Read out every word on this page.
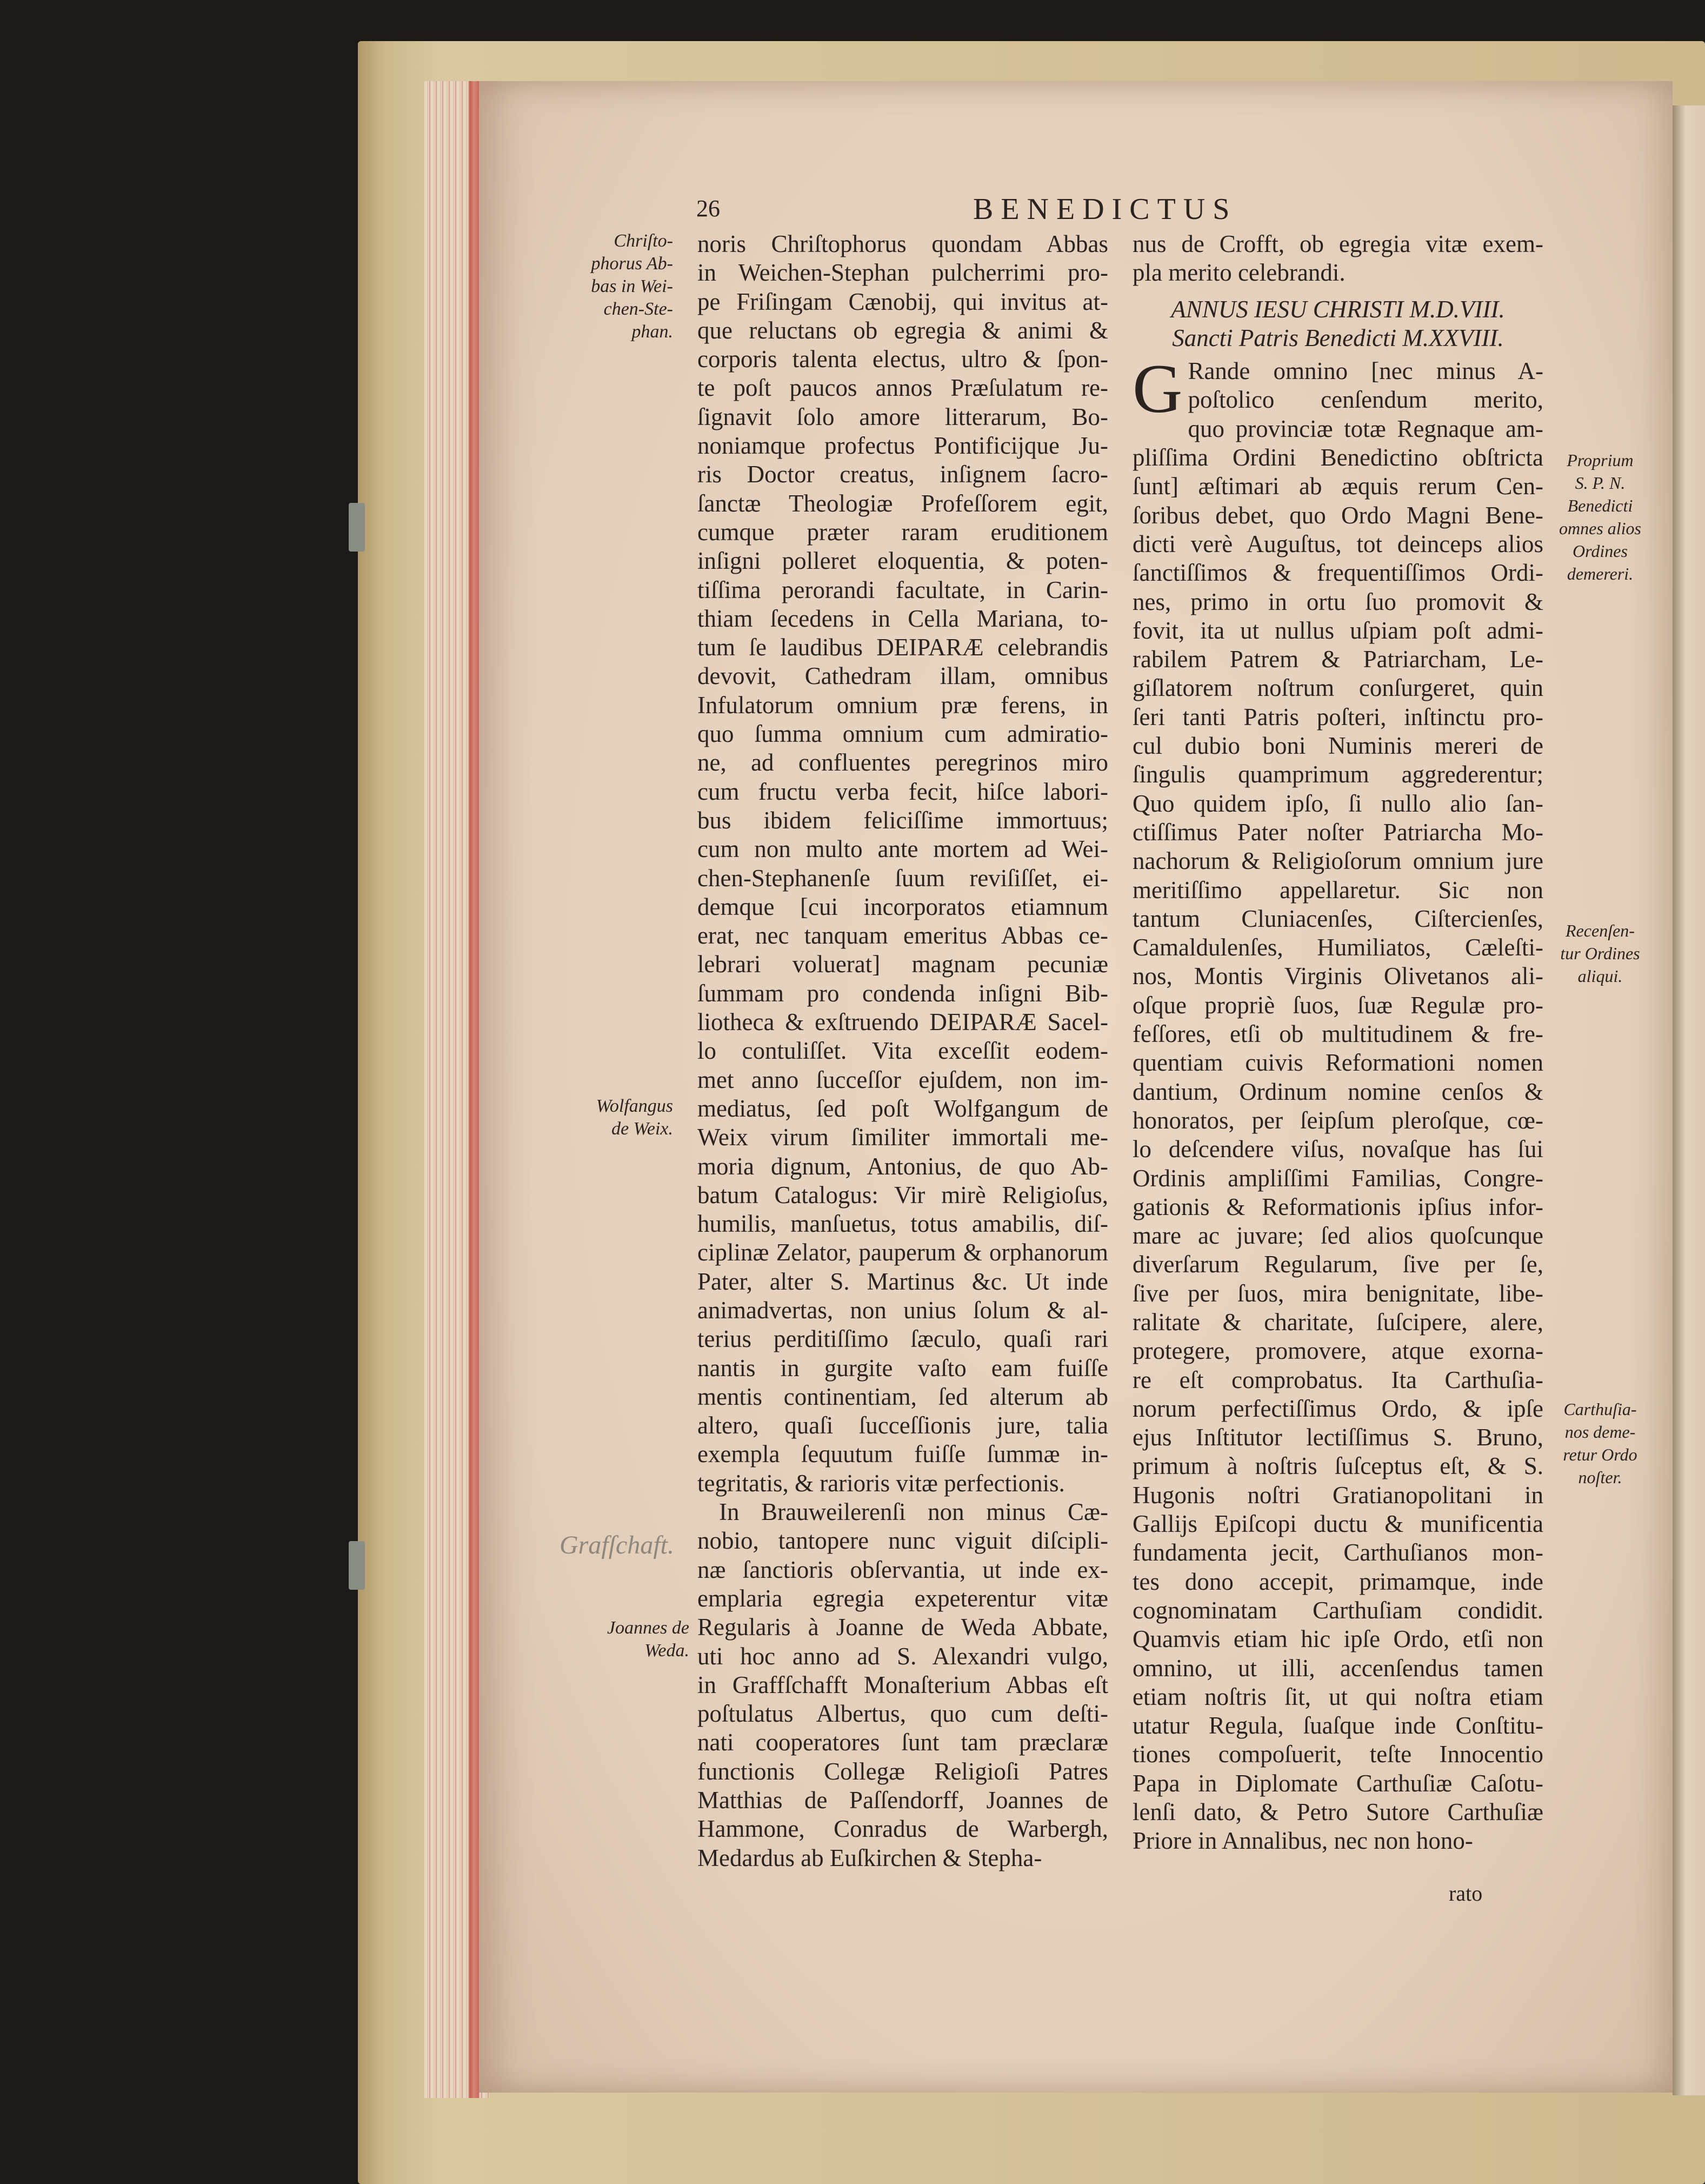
26	BENEDICTUS
noris Chriſtophorus quondam Abbas
in Weichen-Stephan pulcherrimi pro-
pe Friſingam Cænobij, qui invitus at-
que reluctans ob egregia & animi &
corporis talenta electus, ultro & ſpon-
te poſt paucos annos Præſulatum re-
ſignavit ſolo amore litterarum, Bo-
noniamque profectus Pontificijque Ju-
ris Doctor creatus, inſignem ſacro-
ſanctæ Theologiæ Profeſſorem egit,
cumque præter raram eruditionem
inſigni polleret eloquentia, & poten-
tiſſima perorandi facultate, in Carin-
thiam ſecedens in Cella Mariana, to-
tum ſe laudibus DEIPARÆ celebrandis
devovit, Cathedram illam, omnibus
Infulatorum omnium præ ferens, in
quo ſumma omnium cum admiratio-
ne, ad confluentes peregrinos miro
cum fructu verba fecit, hiſce labori-
bus ibidem feliciſſime immortuus;
cum non multo ante mortem ad Wei-
chen-Stephanenſe ſuum reviſiſſet, ei-
demque [cui incorporatos etiamnum
erat, nec tanquam emeritus Abbas ce-
lebrari voluerat] magnam pecuniæ
ſummam pro condenda inſigni Bib-
liotheca & exſtruendo DEIPARÆ Sacel-
lo contuliſſet. Vita exceſſit eodem-
met anno ſucceſſor ejuſdem, non im-
mediatus, ſed poſt Wolfgangum de
Weix virum ſimiliter immortali me-
moria dignum, Antonius, de quo Ab-
batum Catalogus: Vir mirè Religioſus,
humilis, manſuetus, totus amabilis, diſ-
ciplinæ Zelator, pauperum & orphanorum
Pater, alter S. Martinus &c. Ut inde
animadvertas, non unius ſolum & al-
terius perditiſſimo ſæculo, quaſi rari
nantis in gurgite vaſto eam fuiſſe
mentis continentiam, ſed alterum ab
altero, quaſi ſucceſſionis jure, talia
exempla ſequutum fuiſſe ſummæ in-
tegritatis, & rarioris vitæ perfectionis.
In Brauweilerenſi non minus Cæ-
nobio, tantopere nunc viguit diſcipli-
næ ſanctioris obſervantia, ut inde ex-
emplaria egregia expeterentur vitæ
Regularis à Joanne de Weda Abbate,
uti hoc anno ad S. Alexandri vulgo,
in Graffſchafft Monaſterium Abbas eſt
poſtulatus Albertus, quo cum deſti-
nati cooperatores ſunt tam præclaræ
functionis Collegæ Religioſi Patres
Matthias de Paſſendorff, Joannes de
Hammone, Conradus de Warbergh,
Medardus ab Euſkirchen & Stepha-
nus de Crofft, ob egregia vitæ exem-
pla merito celebrandi.
ANNUS IESU CHRISTI M.D.VIII.
Sancti Patris Benedicti M.XXVIII.
G Rande omnino [nec minus A-
poſtolico cenſendum merito,
quo provinciæ totæ Regnaque am-
pliſſima Ordini Benedictino obſtricta
ſunt] æſtimari ab æquis rerum Cen-
ſoribus debet, quo Ordo Magni Bene-
dicti verè Auguſtus, tot deinceps alios
ſanctiſſimos & frequentiſſimos Ordi-
nes, primo in ortu ſuo promovit &
fovit, ita ut nullus uſpiam poſt admi-
rabilem Patrem & Patriarcham, Le-
giſlatorem noſtrum conſurgeret, quin
ſeri tanti Patris poſteri, inſtinctu pro-
cul dubio boni Numinis mereri de
ſingulis quamprimum aggrederentur;
Quo quidem ipſo, ſi nullo alio ſan-
ctiſſimus Pater noſter Patriarcha Mo-
nachorum & Religioſorum omnium jure
meritiſſimo appellaretur. Sic non
tantum Cluniacenſes, Ciſtercienſes,
Camaldulenſes, Humiliatos, Cæleſti-
nos, Montis Virginis Olivetanos ali-
oſque propriè ſuos, ſuæ Regulæ pro-
feſſores, etſi ob multitudinem & fre-
quentiam cuivis Reformationi nomen
dantium, Ordinum nomine cenſos &
honoratos, per ſeipſum pleroſque, cœ-
lo deſcendere viſus, novaſque has ſui
Ordinis ampliſſimi Familias, Congre-
gationis & Reformationis ipſius infor-
mare ac juvare; ſed alios quoſcunque
diverſarum Regularum, ſive per ſe,
ſive per ſuos, mira benignitate, libe-
ralitate & charitate, ſuſcipere, alere,
protegere, promovere, atque exorna-
re eſt comprobatus. Ita Carthuſia-
norum perfectiſſimus Ordo, & ipſe
ejus Inſtitutor lectiſſimus S. Bruno,
primum à noſtris ſuſceptus eſt, & S.
Hugonis noſtri Gratianopolitani in
Gallijs Epiſcopi ductu & munificentia
fundamenta jecit, Carthuſianos mon-
tes dono accepit, primamque, inde
cognominatam Carthuſiam condidit.
Quamvis etiam hic ipſe Ordo, etſi non
omnino, ut illi, accenſendus tamen
etiam noſtris ſit, ut qui noſtra etiam
utatur Regula, ſuaſque inde Conſtitu-
tiones compoſuerit, teſte Innocentio
Papa in Diplomate Carthuſiæ Caſotu-
lenſi dato, & Petro Sutore Carthuſiæ
Priore in Annalibus, nec non hono-
Chriſto-
phorus Ab-
bas in Wei-
chen-Ste-
phan.
Wolfangus
de Weix.
Joannes de
Weda.
Proprium
S. P. N.
Benedicti
omnes alios
Ordines
demereri.
Recenſen-
tur Ordines
aliqui.
Carthuſia-
nos deme-
retur Ordo
noſter.
Grafſchaft.
rato
